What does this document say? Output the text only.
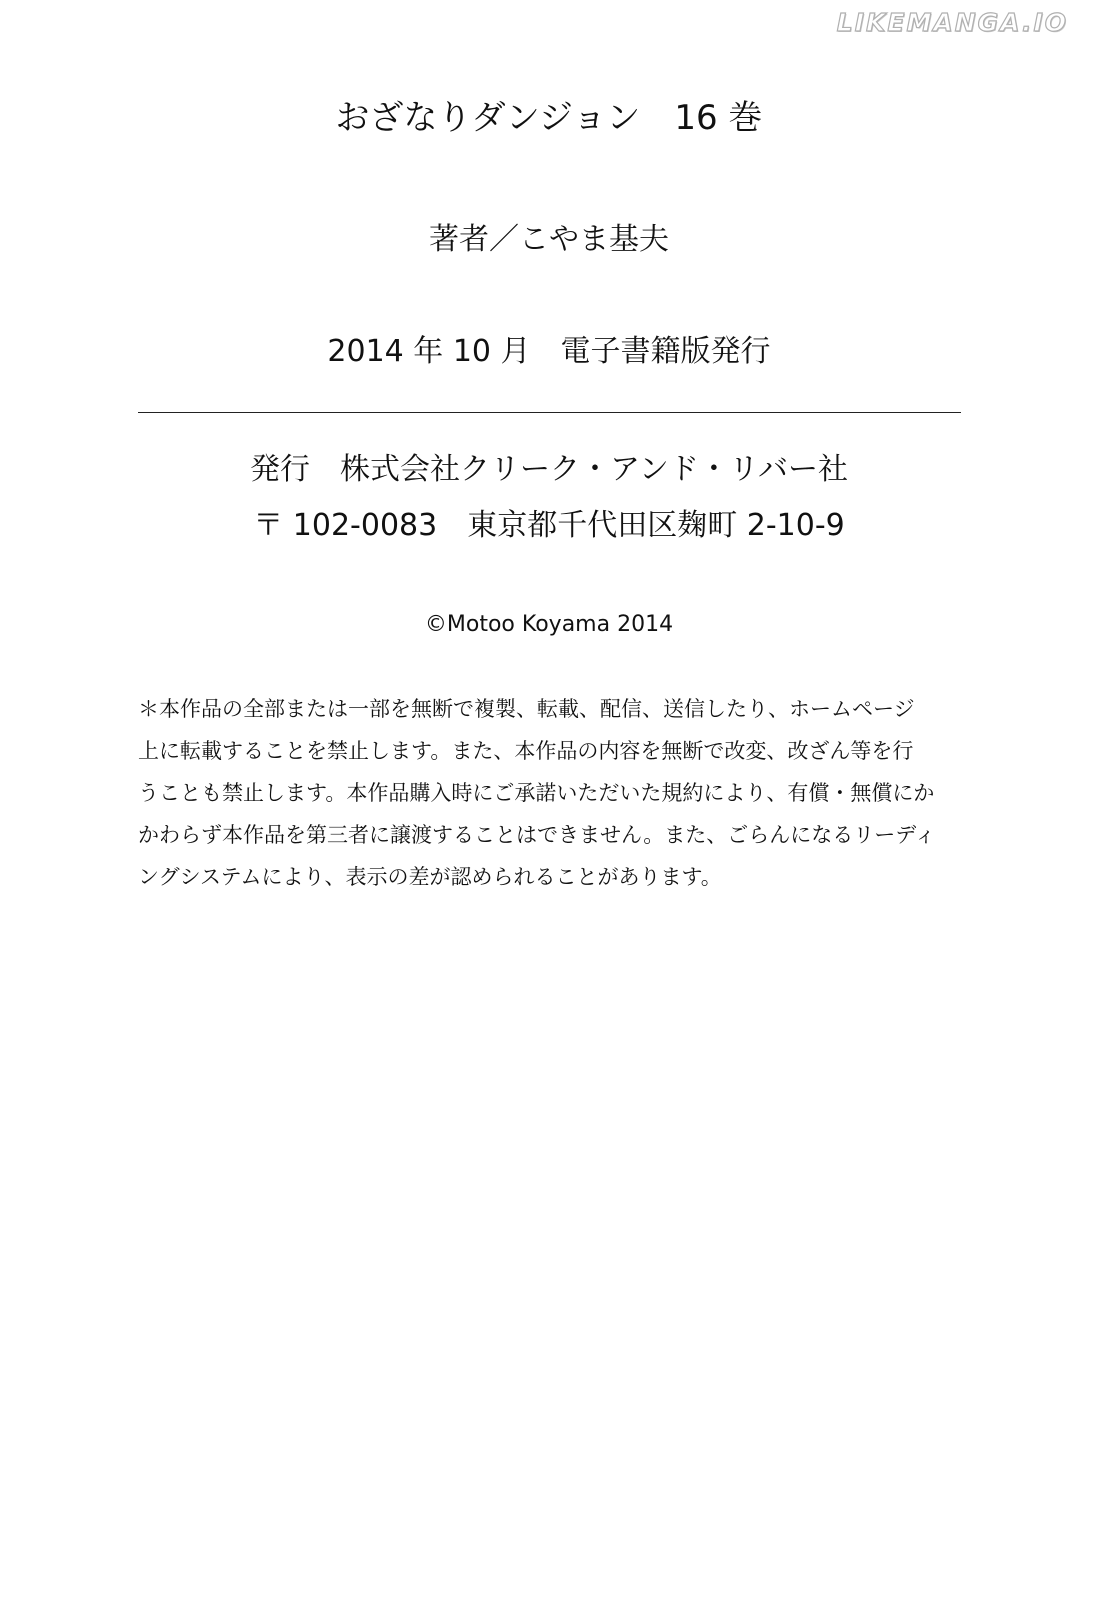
LIKEMANGA.IO
おざなりダンジョン　16 巻
著者／こやま基夫
2014 年 10 月　電子書籍版発行
発行　株式会社クリーク・アンド・リバー社
〒 102-0083　東京都千代田区麹町 2-10-9
©Motoo Koyama 2014
＊本作品の全部または一部を無断で複製、転載、配信、送信したり、ホームページ
上に転載することを禁止します。また、本作品の内容を無断で改変、改ざん等を行
うことも禁止します。本作品購入時にご承諾いただいた規約により、有償・無償にか
かわらず本作品を第三者に譲渡することはできません。また、ごらんになるリーディ
ングシステムにより、表示の差が認められることがあります。
